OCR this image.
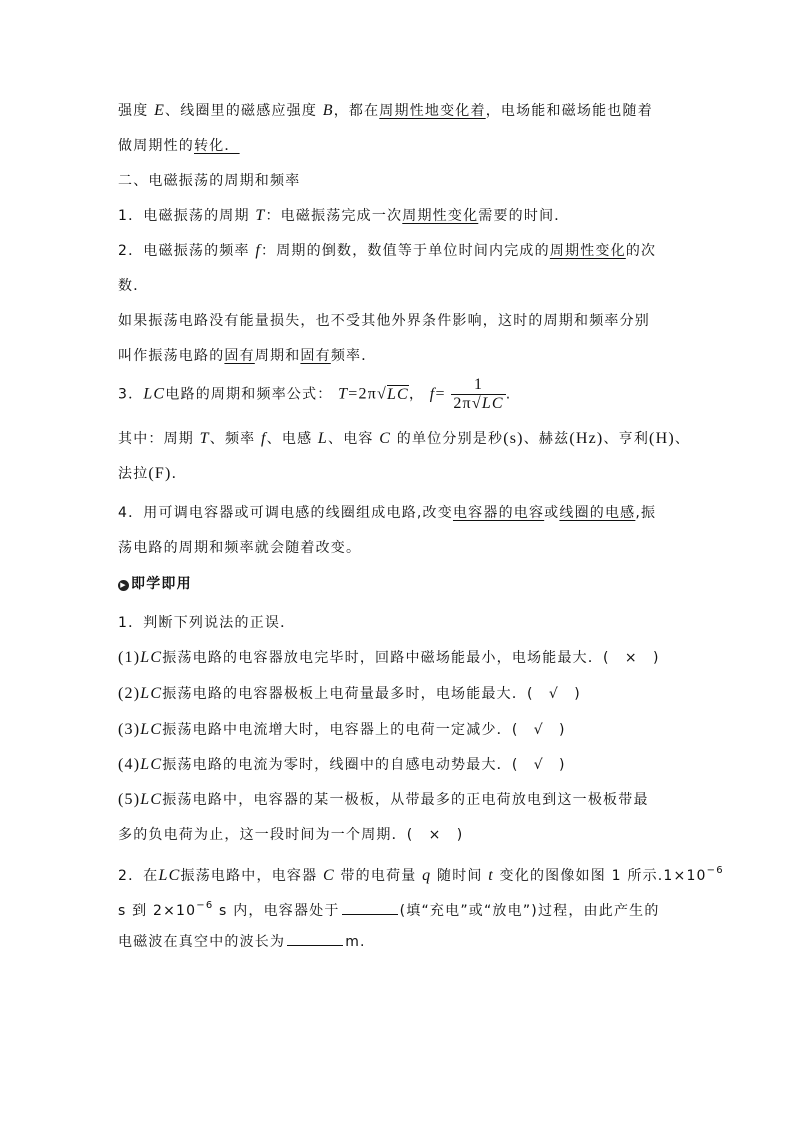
强度 E、线圈里的磁感应强度 B，都在周期性地变化着，电场能和磁场能也随着
做周期性的转化．
二、电磁振荡的周期和频率
1．电磁振荡的周期 T：电磁振荡完成一次周期性变化需要的时间．
2．电磁振荡的频率 f：周期的倒数，数值等于单位时间内完成的周期性变化的次
数．
如果振荡电路没有能量损失，也不受其他外界条件影响，这时的周期和频率分别
叫作振荡电路的固有周期和固有频率．
其中：周期 T、频率 f、电感 L、电容 C 的单位分别是秒(s)、赫兹(Hz)、亨利(H)、
法拉(F)．
4．用可调电容器或可调电感的线圈组成电路,改变电容器的电容或线圈的电感,振
荡电路的周期和频率就会随着改变。
1．判断下列说法的正误．
(1)LC振荡电路的电容器放电完毕时，回路中磁场能最小，电场能最大．(　×　)
(2)LC振荡电路的电容器极板上电荷量最多时，电场能最大．(　√　)
(3)LC振荡电路中电流增大时，电容器上的电荷一定减少．(　√　)
(4)LC振荡电路的电流为零时，线圈中的自感电动势最大．(　√　)
(5)LC振荡电路中，电容器的某一极板，从带最多的正电荷放电到这一极板带最
多的负电荷为止，这一段时间为一个周期．(　×　)
2．在LC振荡电路中，电容器 C 带的电荷量 q 随时间 t 变化的图像如图 1 所示$.1\times 10^{-6}$
s 到 $2\times 10^{-6}$ s 内，电容器处于	(填“充电”或“放电”)过程，由此产生的
电磁波在真空中的波长为	m.
3．LC电路的周期和频率公式： T=2π√LC， $f= \frac{1}{2\pi√LC}$ .
▶ 即学即用
